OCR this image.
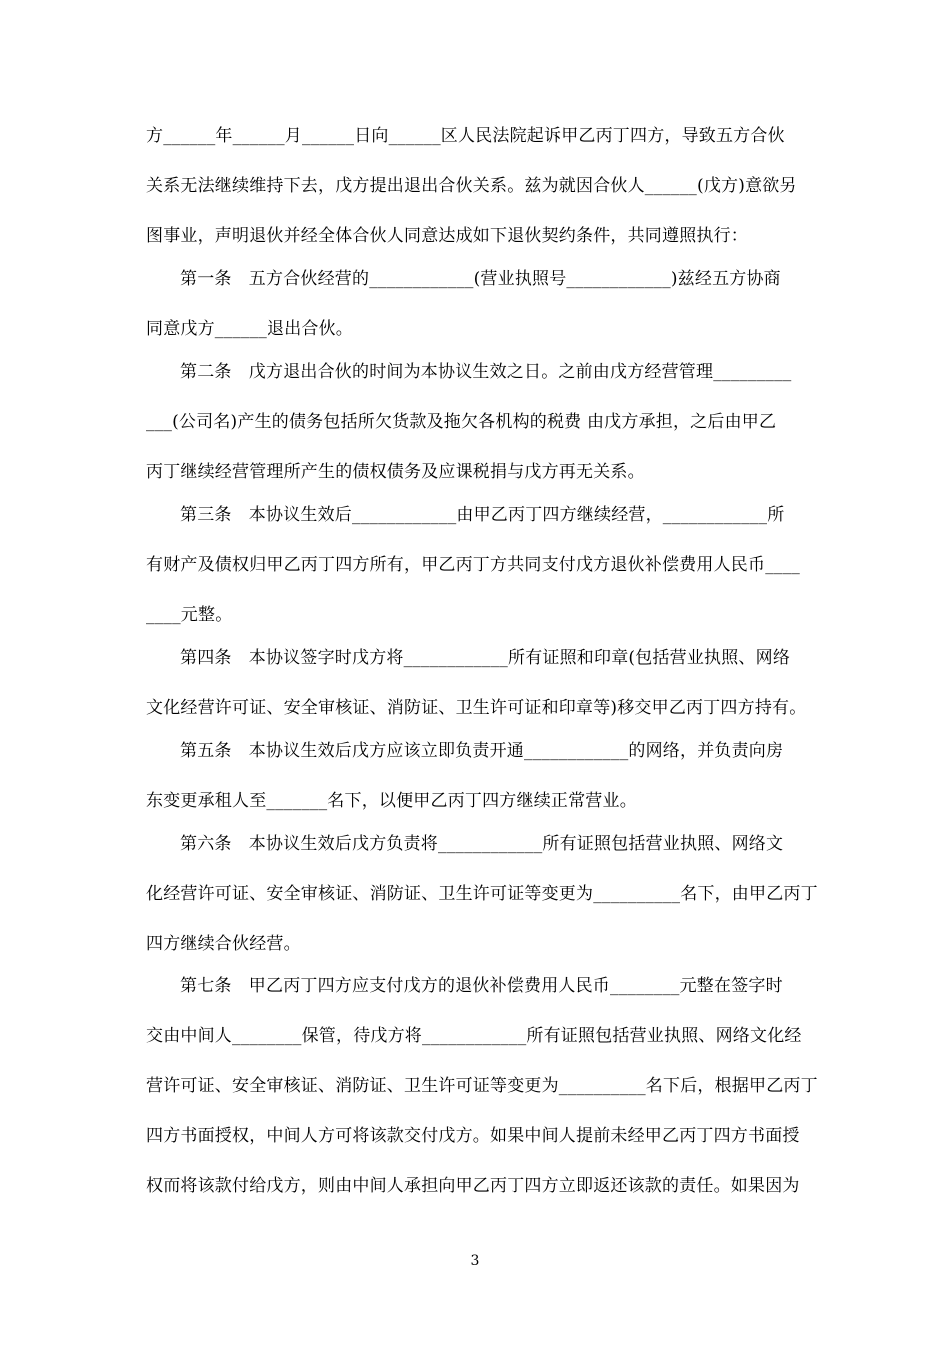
方______年______月______日向______区人民法院起诉甲乙丙丁四方，导致五方合伙
关系无法继续维持下去，戊方提出退出合伙关系。兹为就因合伙人______(戊方)意欲另
图事业，声明退伙并经全体合伙人同意达成如下退伙契约条件，共同遵照执行：
第一条　五方合伙经营的____________(营业执照号____________)兹经五方协商
同意戊方______退出合伙。
第二条　戊方退出合伙的时间为本协议生效之日。之前由戊方经营管理_________
___(公司名)产生的债务包括所欠货款及拖欠各机构的税费 由戊方承担，之后由甲乙
丙丁继续经营管理所产生的债权债务及应课税捐与戊方再无关系。
第三条　本协议生效后____________由甲乙丙丁四方继续经营，____________所
有财产及债权归甲乙丙丁四方所有，甲乙丙丁方共同支付戊方退伙补偿费用人民币____
____元整。
第四条　本协议签字时戊方将____________所有证照和印章(包括营业执照、网络
文化经营许可证、安全审核证、消防证、卫生许可证和印章等)移交甲乙丙丁四方持有。
第五条　本协议生效后戊方应该立即负责开通____________的网络，并负责向房
东变更承租人至_______名下，以便甲乙丙丁四方继续正常营业。
第六条　本协议生效后戊方负责将____________所有证照包括营业执照、网络文
化经营许可证、安全审核证、消防证、卫生许可证等变更为__________名下，由甲乙丙丁
四方继续合伙经营。
第七条　甲乙丙丁四方应支付戊方的退伙补偿费用人民币________元整在签字时
交由中间人________保管，待戊方将____________所有证照包括营业执照、网络文化经
营许可证、安全审核证、消防证、卫生许可证等变更为__________名下后，根据甲乙丙丁
四方书面授权，中间人方可将该款交付戊方。如果中间人提前未经甲乙丙丁四方书面授
权而将该款付给戊方，则由中间人承担向甲乙丙丁四方立即返还该款的责任。如果因为
3
